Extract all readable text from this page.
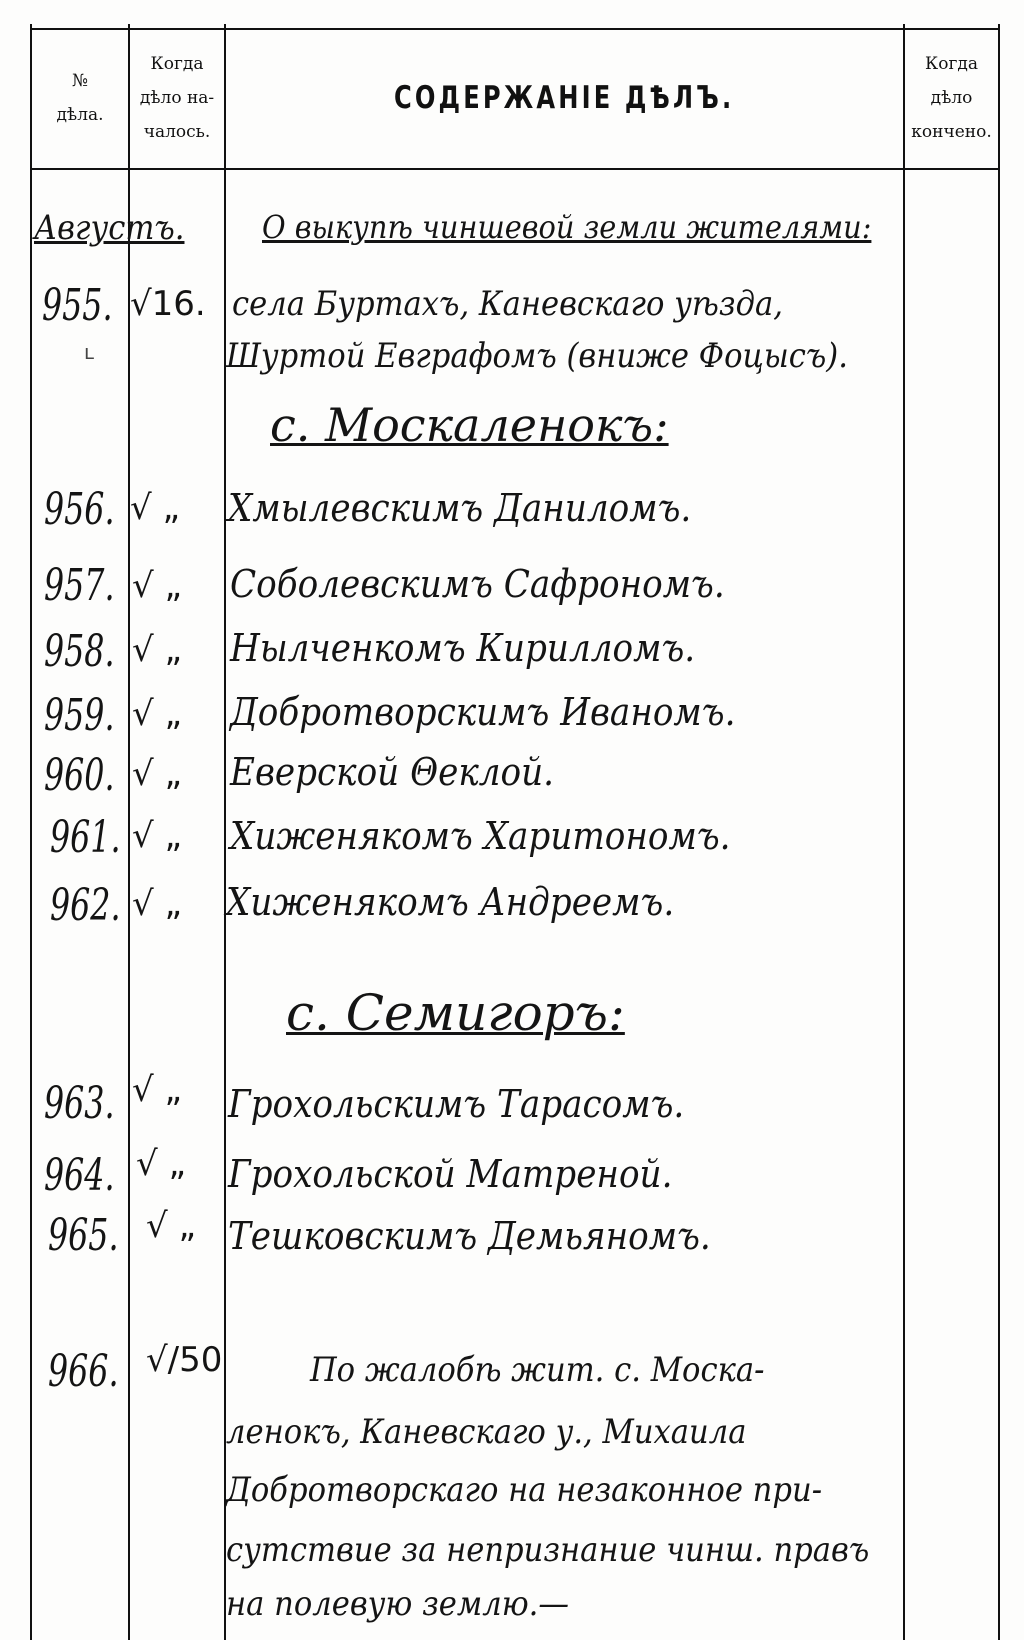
№
дѣла.
Когда
дѣло на-
чалось.
СОДЕРЖАНIЕ ДѢЛЪ.
Когда
дѣло
кончено.
Августъ. О выкупѣ чиншевой земли жителями:
955. √16. села Буртахъ, Каневскаго уѣзда,
Шуртой Евграфомъ (вниже Фоцысъ).
ʟ
с. Москаленокъ:
956. √ „ Хмылевскимъ Даниломъ.
957. √ „ Соболевскимъ Сафрономъ.
958. √ „ Нылченкомъ Кирилломъ.
959. √ „ Добротворскимъ Иваномъ.
960. √ „ Еверской Θеклой.
961. √ „ Хиженякомъ Харитономъ.
962. √ „ Хиженякомъ Андреемъ.
с. Семигоръ:
963. √ „ Грохольскимъ Тарасомъ.
964. √ „ Грохольской Матреной.
965. √ „ Тешковскимъ Демьяномъ.
966. √/50	По жалобѣ жит. с. Моска-
ленокъ, Каневскаго у., Михаила
Добротворскаго на незаконное при-
сутствие за непризнание чинш. правъ
на полевую землю.—
